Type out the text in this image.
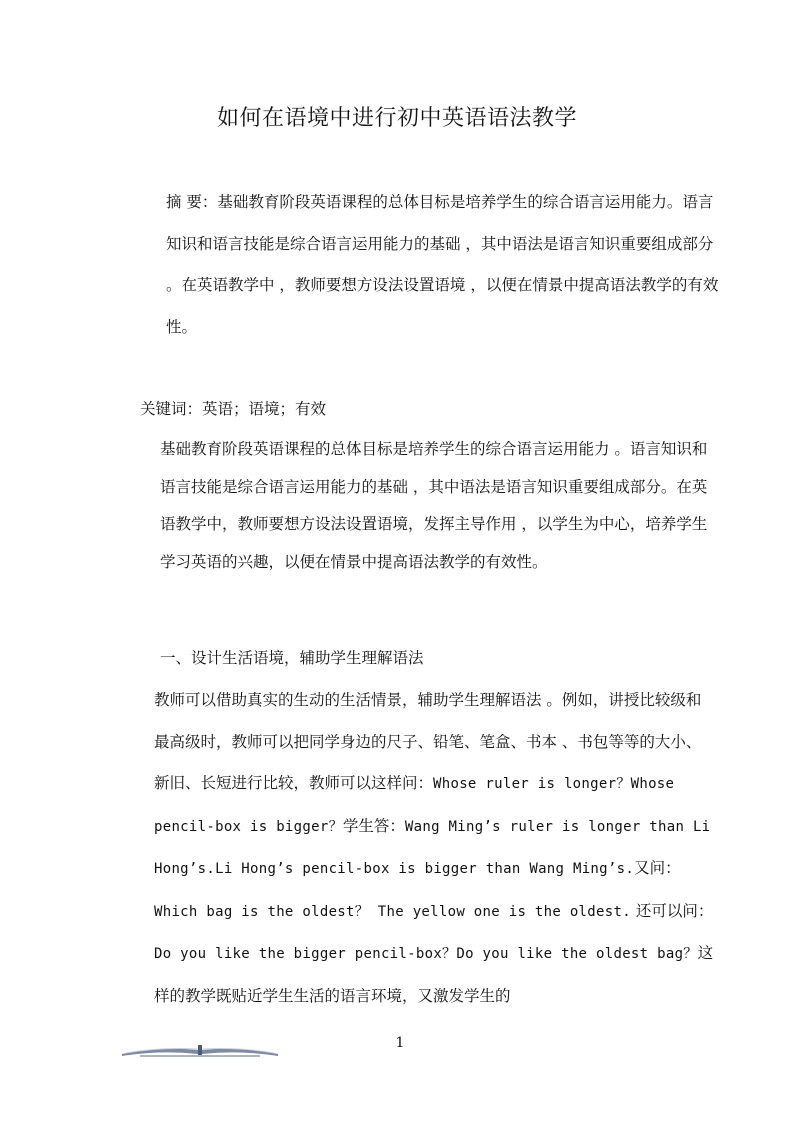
如何在语境中进行初中英语语法教学
摘 要：基础教育阶段英语课程的总体目标是培养学生的综合语言运用能力。语言知识和语言技能是综合语言运用能力的基础 ，其中语法是语言知识重要组成部分 。在英语教学中 ，教师要想方设法设置语境 ，以便在情景中提高语法教学的有效性。
关键词：英语；语境；有效
基础教育阶段英语课程的总体目标是培养学生的综合语言运用能力 。语言知识和语言技能是综合语言运用能力的基础 ，其中语法是语言知识重要组成部分。在英语教学中，教师要想方设法设置语境，发挥主导作用 ，以学生为中心，培养学生学习英语的兴趣，以便在情景中提高语法教学的有效性。
一、设计生活语境，辅助学生理解语法
教师可以借助真实的生动的生活情景，辅助学生理解语法 。例如，讲授比较级和最高级时，教师可以把同学身边的尺子、铅笔、笔盒、书本 、书包等等的大小、新旧、长短进行比较，教师可以这样问：Whose ruler is longer？Whose pencil-box is bigger？学生答：Wang Ming’s ruler is longer than Li Hong’s.Li Hong’s pencil-box is bigger than Wang Ming’s.又问：Which bag is the oldest？ The yellow one is the oldest. 还可以问：Do you like the bigger pencil-box？Do you like the oldest bag？这样的教学既贴近学生生活的语言环境，又激发学生的
1
